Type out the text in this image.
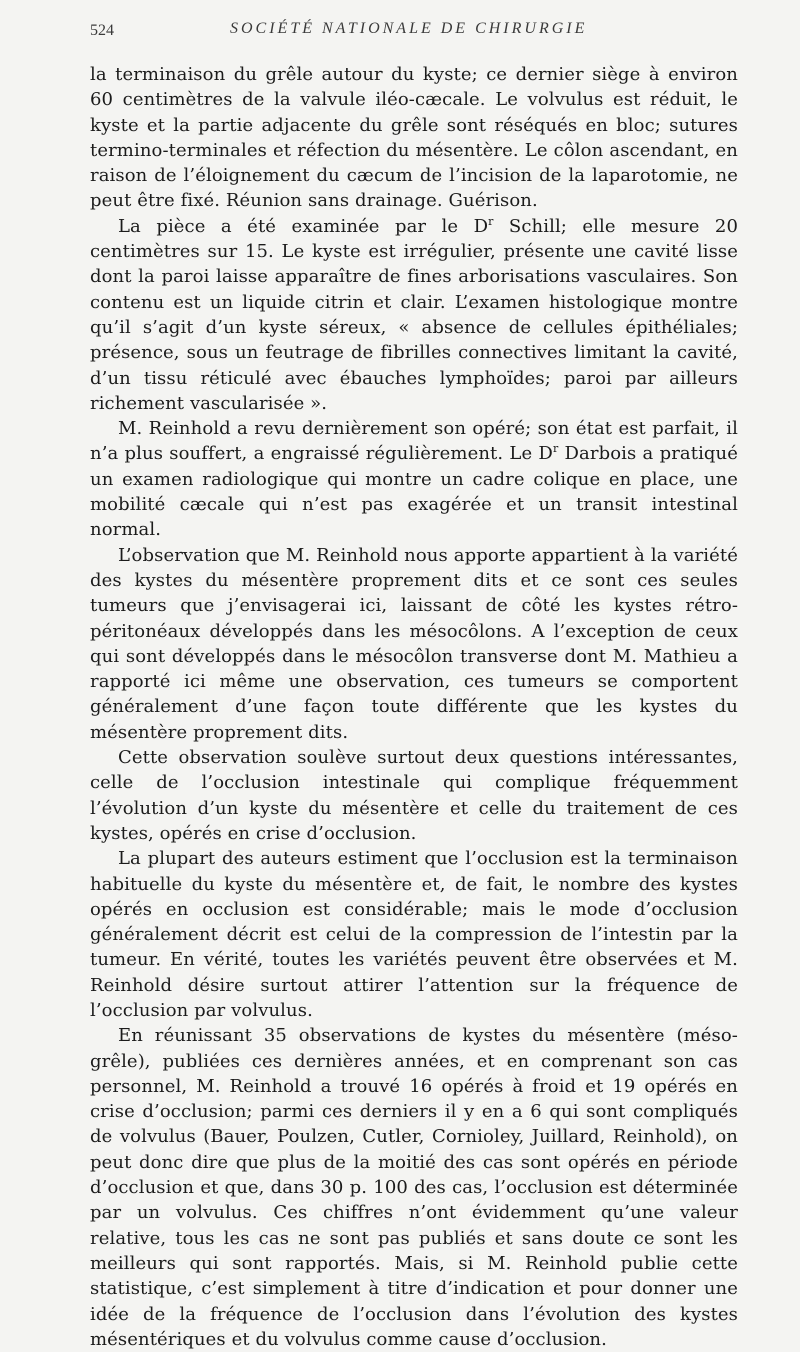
524	SOCIÉTÉ NATIONALE DE CHIRURGIE

la terminaison du grêle autour du kyste; ce dernier siège à environ 60 centimètres de la valvule iléo-cæcale. Le volvulus est réduit, le kyste et la partie adjacente du grêle sont réséqués en bloc; sutures termino-terminales et réfection du mésentère. Le côlon ascendant, en raison de l’éloignement du cæcum de l’incision de la laparotomie, ne peut être fixé. Réunion sans drainage. Guérison.

La pièce a été examinée par le $D^r$ Schill; elle mesure 20 centimètres sur 15. Le kyste est irrégulier, présente une cavité lisse dont la paroi laisse apparaître de fines arborisations vasculaires. Son contenu est un liquide citrin et clair. L’examen histologique montre qu’il s’agit d’un kyste séreux, « absence de cellules épithéliales; présence, sous un feutrage de fibrilles connectives limitant la cavité, d’un tissu réticulé avec ébauches lymphoïdes; paroi par ailleurs richement vascularisée ».

M. Reinhold a revu dernièrement son opéré; son état est parfait, il n’a plus souffert, a engraissé régulièrement. Le $D^r$ Darbois a pratiqué un examen radiologique qui montre un cadre colique en place, une mobilité cæcale qui n’est pas exagérée et un transit intestinal normal.

L’observation que M. Reinhold nous apporte appartient à la variété des kystes du mésentère proprement dits et ce sont ces seules tumeurs que j’envisagerai ici, laissant de côté les kystes rétro-péritonéaux développés dans les mésocôlons. A l’exception de ceux qui sont développés dans le mésocôlon transverse dont M. Mathieu a rapporté ici même une observation, ces tumeurs se comportent généralement d’une façon toute différente que les kystes du mésentère proprement dits.

Cette observation soulève surtout deux questions intéressantes, celle de l’occlusion intestinale qui complique fréquemment l’évolution d’un kyste du mésentère et celle du traitement de ces kystes, opérés en crise d’occlusion.

La plupart des auteurs estiment que l’occlusion est la terminaison habituelle du kyste du mésentère et, de fait, le nombre des kystes opérés en occlusion est considérable; mais le mode d’occlusion généralement décrit est celui de la compression de l’intestin par la tumeur. En vérité, toutes les variétés peuvent être observées et M. Reinhold désire surtout attirer l’attention sur la fréquence de l’occlusion par volvulus.

En réunissant 35 observations de kystes du mésentère (méso-grêle), publiées ces dernières années, et en comprenant son cas personnel, M. Reinhold a trouvé 16 opérés à froid et 19 opérés en crise d’occlusion; parmi ces derniers il y en a 6 qui sont compliqués de volvulus (Bauer, Poulzen, Cutler, Cornioley, Juillard, Reinhold), on peut donc dire que plus de la moitié des cas sont opérés en période d’occlusion et que, dans 30 p. 100 des cas, l’occlusion est déterminée par un volvulus. Ces chiffres n’ont évidemment qu’une valeur relative, tous les cas ne sont pas publiés et sans doute ce sont les meilleurs qui sont rapportés. Mais, si M. Reinhold publie cette statistique, c’est simplement à titre d’indication et pour donner une idée de la fréquence de l’occlusion dans l’évolution des kystes mésentériques et du volvulus comme cause d’occlusion.
